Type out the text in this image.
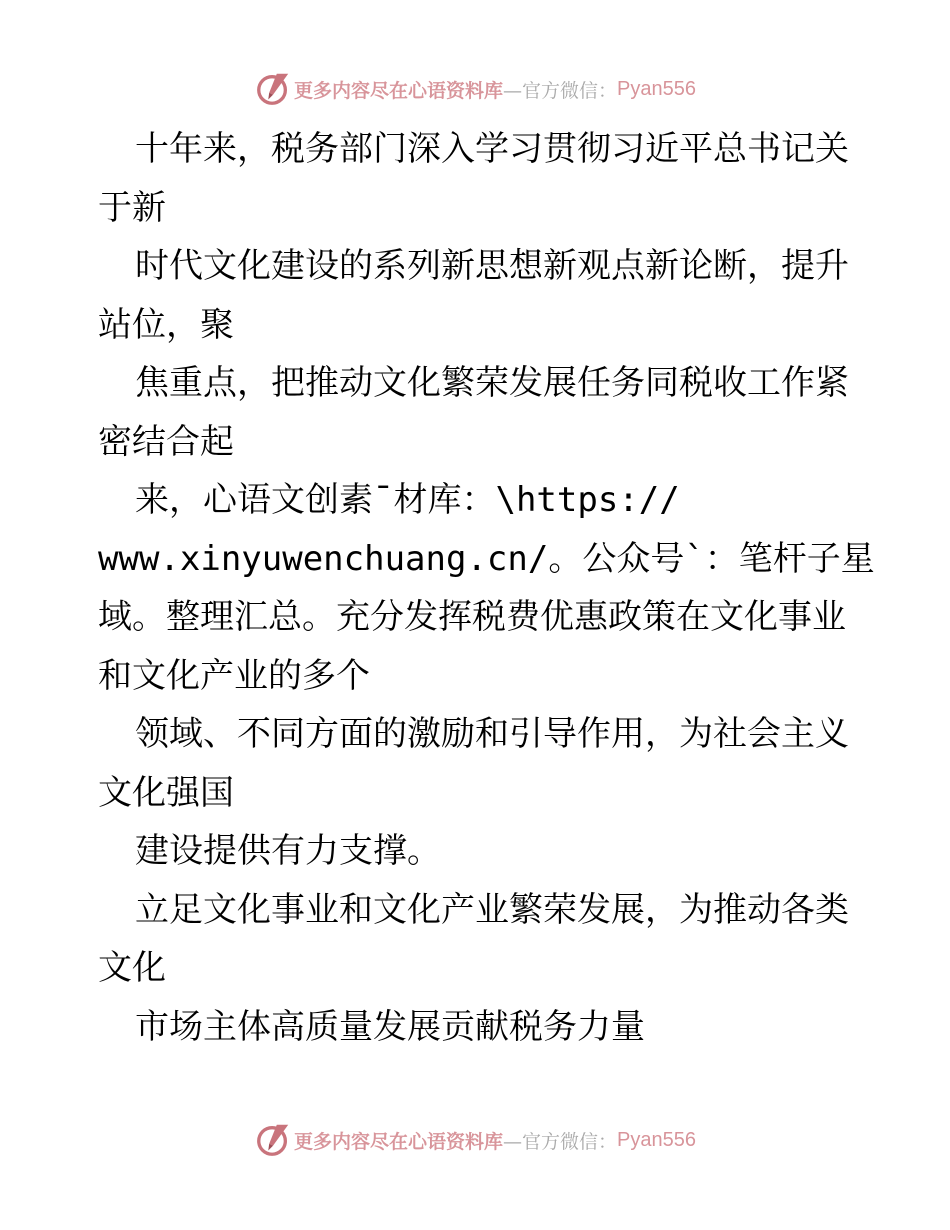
更多内容尽在心语资料库 —官方微信： Pyan556
十年来，税务部门深入学习贯彻习近平总书记关
于新
时代文化建设的系列新思想新观点新论断，提升
站位，聚
焦重点，把推动文化繁荣发展任务同税收工作紧
密结合起
来，心语文创素¯材库：\https://
www.xinyuwenchuang.cn/。公众号`：笔杆子星
域。整理汇总。充分发挥税费优惠政策在文化事业
和文化产业的多个
领域、不同方面的激励和引导作用，为社会主义
文化强国
建设提供有力支撑。
立足文化事业和文化产业繁荣发展，为推动各类
文化
市场主体高质量发展贡献税务力量
更多内容尽在心语资料库 —官方微信： Pyan556
